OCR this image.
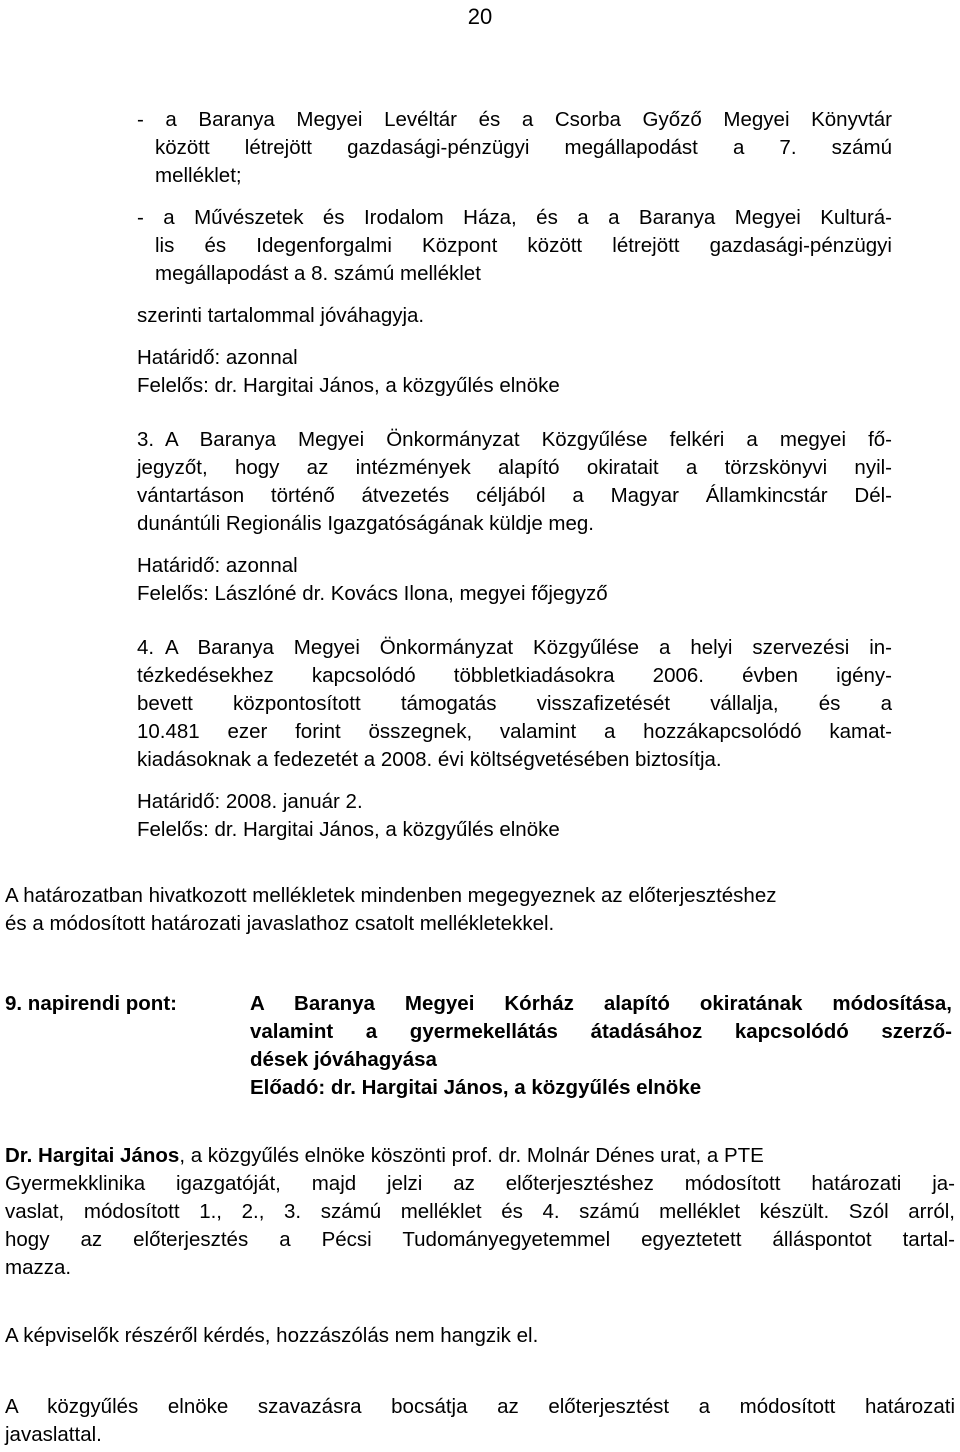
20
- a Baranya Megyei Levéltár és a Csorba Győző Megyei Könyvtár
között létrejött gazdasági-pénzügyi megállapodást a 7. számú
melléklet;
- a Művészetek és Irodalom Háza, és a a Baranya Megyei Kulturá-
lis és Idegenforgalmi Központ között létrejött gazdasági-pénzügyi
megállapodást a 8. számú melléklet
szerinti tartalommal jóváhagyja.
Határidő: azonnal
Felelős: dr. Hargitai János, a közgyűlés elnöke
3. A Baranya Megyei Önkormányzat Közgyűlése felkéri a megyei fő-
jegyzőt, hogy az intézmények alapító okiratait a törzskönyvi nyil-
vántartáson történő átvezetés céljából a Magyar Államkincstár Dél-
dunántúli Regionális Igazgatóságának küldje meg.
Határidő: azonnal
Felelős: Lászlóné dr. Kovács Ilona, megyei főjegyző
4. A Baranya Megyei Önkormányzat Közgyűlése a helyi szervezési in-
tézkedésekhez kapcsolódó többletkiadásokra 2006. évben igény-
bevett központosított támogatás visszafizetését vállalja, és a
10.481 ezer forint összegnek, valamint a hozzákapcsolódó kamat-
kiadásoknak a fedezetét a 2008. évi költségvetésében biztosítja.
Határidő: 2008. január 2.
Felelős: dr. Hargitai János, a közgyűlés elnöke
A határozatban hivatkozott mellékletek mindenben megegyeznek az előterjesztéshez
és a módosított határozati javaslathoz csatolt mellékletekkel.
9. napirendi pont:	A Baranya Megyei Kórház alapító okiratának módosítása,
valamint a gyermekellátás átadásához kapcsolódó szerző-
dések jóváhagyása
Előadó: dr. Hargitai János, a közgyűlés elnöke
Dr. Hargitai János, a közgyűlés elnöke köszönti prof. dr. Molnár Dénes urat, a PTE
Gyermekklinika igazgatóját, majd jelzi az előterjesztéshez módosított határozati ja-
vaslat, módosított 1., 2., 3. számú melléklet és 4. számú melléklet készült. Szól arról,
hogy az előterjesztés a Pécsi Tudományegyetemmel egyeztetett álláspontot tartal-
mazza.
A képviselők részéről kérdés, hozzászólás nem hangzik el.
A közgyűlés elnöke szavazásra bocsátja az előterjesztést a módosított határozati
javaslattal.
